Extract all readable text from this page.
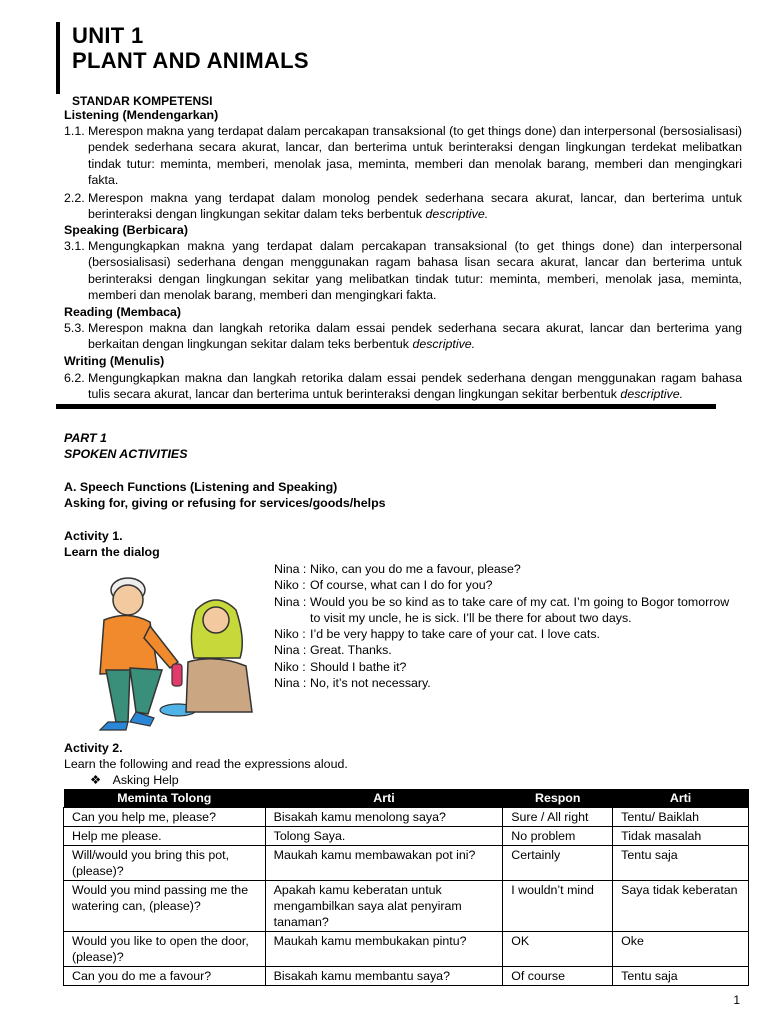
UNIT 1
PLANT AND ANIMALS
STANDAR KOMPETENSI
Listening (Mendengarkan)
1.1. Merespon makna yang terdapat dalam percakapan transaksional (to get things done) dan interpersonal (bersosialisasi) pendek sederhana secara akurat, lancar, dan berterima untuk berinteraksi dengan lingkungan terdekat melibatkan tindak tutur: meminta, memberi, menolak jasa, meminta, memberi dan menolak barang, memberi dan mengingkari fakta.
2.2. Merespon makna yang terdapat dalam monolog pendek sederhana secara akurat, lancar, dan berterima untuk berinteraksi dengan lingkungan sekitar dalam teks berbentuk descriptive.
Speaking (Berbicara)
3.1. Mengungkapkan makna yang terdapat dalam percakapan transaksional (to get things done) dan interpersonal (bersosialisasi) sederhana dengan menggunakan ragam bahasa lisan secara akurat, lancar dan berterima untuk berinteraksi dengan lingkungan sekitar yang melibatkan tindak tutur: meminta, memberi, menolak jasa, meminta, memberi dan menolak barang, memberi dan mengingkari fakta.
Reading (Membaca)
5.3. Merespon makna dan langkah retorika dalam essai pendek sederhana secara akurat, lancar dan berterima yang berkaitan dengan lingkungan sekitar dalam teks berbentuk descriptive.
Writing (Menulis)
6.2. Mengungkapkan makna dan langkah retorika dalam essai pendek sederhana dengan menggunakan ragam bahasa tulis secara akurat, lancar dan berterima untuk berinteraksi dengan lingkungan sekitar berbentuk descriptive.
PART 1
SPOKEN ACTIVITIES
A. Speech Functions (Listening and Speaking)
Asking for, giving or refusing for services/goods/helps
Activity 1.
Learn the dialog
Nina : Niko, can you do me a favour, please?
Niko : Of course, what can I do for you?
Nina : Would you be so kind as to take care of my cat. I’m going to Bogor tomorrow
to visit my uncle, he is sick. I’ll be there for about two days.
Niko : I’d be very happy to take care of your cat. I love cats.
Nina : Great. Thanks.
Niko : Should I bathe it?
Nina : No, it’s not necessary.
Activity 2.
Learn the following and read the expressions aloud.
❖ Asking Help
Meminta Tolong	Arti	Respon	Arti
Can you help me, please?	Bisakah kamu menolong saya?	Sure / All right	Tentu/ Baiklah
Help me please.	Tolong Saya.	No problem	Tidak masalah
Will/would you bring this pot, (please)?	Maukah kamu membawakan pot ini?	Certainly	Tentu saja
Would you mind passing me the watering can, (please)?	Apakah kamu keberatan untuk mengambilkan saya alat penyiram tanaman?	I wouldn’t mind	Saya tidak keberatan
Would you like to open the door, (please)?	Maukah kamu membukakan pintu?	OK	Oke
Can you do me a favour?	Bisakah kamu membantu saya?	Of course	Tentu saja
1
